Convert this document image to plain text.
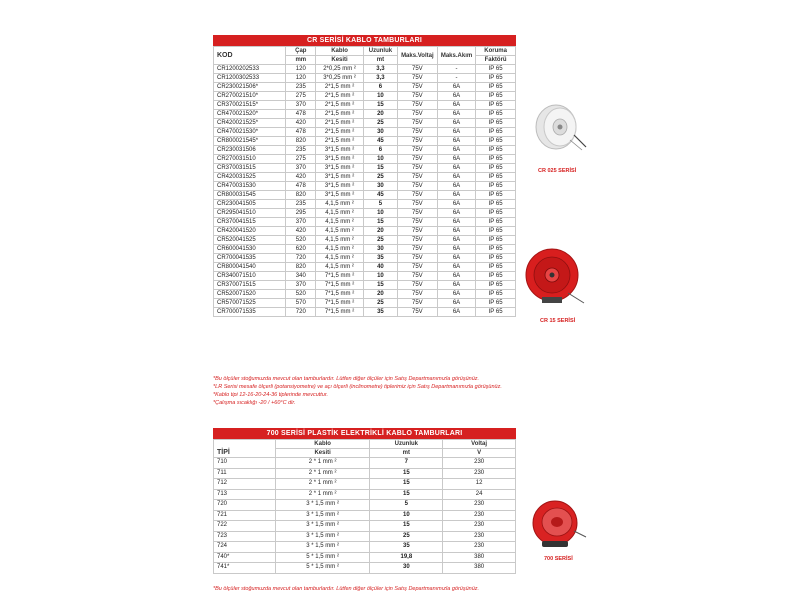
CR SERİSİ KABLO TAMBURLARI
KOD	Çap	Kablo	Uzunluk	Maks.Voltaj	Maks.Akım	Koruma
	mm	Kesiti	mt			Faktörü
CR1200202533	120	2*0,25 mm ²	3,3	75V	-	IP 65
CR1200302533	120	3*0,25 mm ²	3,3	75V	-	IP 65
CR230021506*	235	2*1,5 mm ²	6	75V	6A	IP 65
CR270021510*	275	2*1,5 mm ²	10	75V	6A	IP 65
CR370021515*	370	2*1,5 mm ²	15	75V	6A	IP 65
CR470021520*	478	2*1,5 mm ²	20	75V	6A	IP 65
CR420021525*	420	2*1,5 mm ²	25	75V	6A	IP 65
CR470021530*	478	2*1,5 mm ²	30	75V	6A	IP 65
CR800021545*	820	2*1,5 mm ²	45	75V	6A	IP 65
CR230031506	235	3*1,5 mm ²	6	75V	6A	IP 65
CR270031510	275	3*1,5 mm ²	10	75V	6A	IP 65
CR370031515	370	3*1,5 mm ²	15	75V	6A	IP 65
CR420031525	420	3*1,5 mm ²	25	75V	6A	IP 65
CR470031530	478	3*1,5 mm ²	30	75V	6A	IP 65
CR800031545	820	3*1,5 mm ²	45	75V	6A	IP 65
CR230041505	235	4,1,5 mm ²	5	75V	6A	IP 65
CR295041510	295	4,1,5 mm ²	10	75V	6A	IP 65
CR370041515	370	4,1,5 mm ²	15	75V	6A	IP 65
CR420041520	420	4,1,5 mm ²	20	75V	6A	IP 65
CR520041525	520	4,1,5 mm ²	25	75V	6A	IP 65
CR600041530	620	4,1,5 mm ²	30	75V	6A	IP 65
CR700041535	720	4,1,5 mm ²	35	75V	6A	IP 65
CR800041540	820	4,1,5 mm ²	40	75V	6A	IP 65
CR340071510	340	7*1,5 mm ²	10	75V	6A	IP 65
CR370071515	370	7*1,5 mm ²	15	75V	6A	IP 65
CR520071520	520	7*1,5 mm ²	20	75V	6A	IP 65
CR570071525	570	7*1,5 mm ²	25	75V	6A	IP 65
CR700071535	720	7*1,5 mm ²	35	75V	6A	IP 65
*Bu ölçüler stoğumuzda mevcut olan tamburlardır. Lütfen diğer ölçüler için Satış Departmanımızla görüşünüz.
*LR Serisi mesafe ölçerli (potansiyometre) ve açı ölçerli (inclinometre) tiplerimiz için Satış Departmanımızla görüşünüz.
*Kablo tipi 12-16-20-24-36 tiplerinde mevcuttur.
*Çalışma sıcaklığı -20 / +60°C dir.
700 SERİSİ PLASTİK ELEKTRİKLİ KABLO TAMBURLARI
TİPİ	Kablo	Uzunluk	Voltaj
	Kesiti	mt	V
710	2 * 1 mm ²	7	230
711	2 * 1 mm ²	15	230
712	2 * 1 mm ²	15	12
713	2 * 1 mm ²	15	24
720	3 * 1,5 mm ²	5	230
721	3 * 1,5 mm ²	10	230
722	3 * 1,5 mm ²	15	230
723	3 * 1,5 mm ²	25	230
724	3 * 1,5 mm ²	35	230
740*	5 * 1,5 mm ²	19,8	380
741*	5 * 1,5 mm ²	30	380
*Bu ölçüler stoğumuzda mevcut olan tamburlardır. Lütfen diğer ölçüler için Satış Departmanımızla görüşünüz.
CR 025 SERİSİ
CR 15 SERİSİ
700 SERİSİ
